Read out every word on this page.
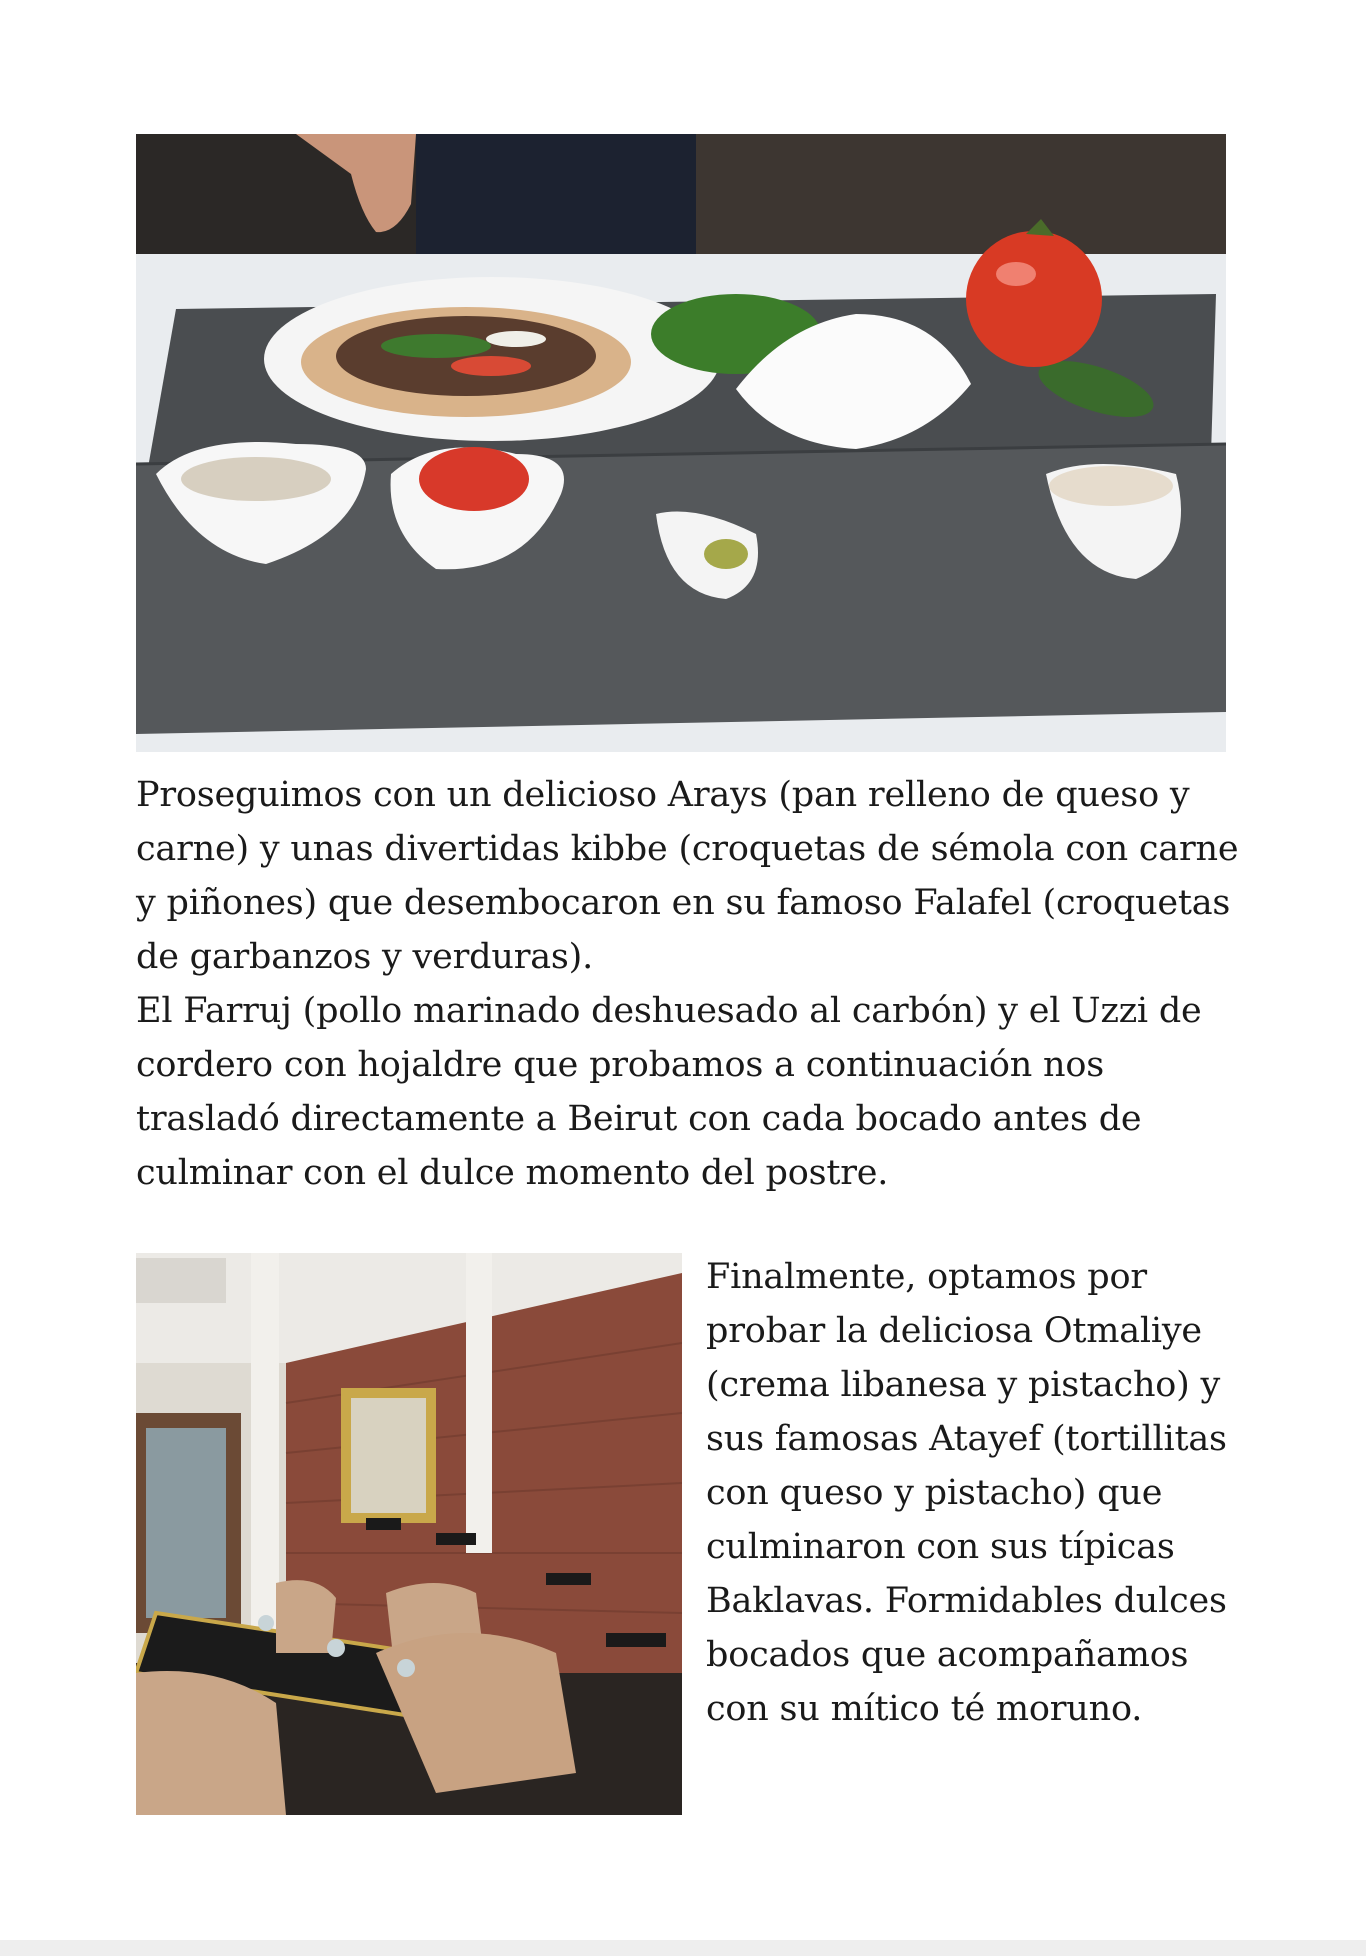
Proseguimos con un delicioso Arays (pan relleno de queso y carne) y unas divertidas kibbe (croquetas de sémola con carne y piñones) que desembocaron en su famoso Falafel (croquetas de garbanzos y verduras).

El Farruj (pollo marinado deshuesado al carbón) y el Uzzi de cordero con hojaldre que probamos a continuación nos trasladó directamente a Beirut con cada bocado antes de culminar con el dulce momento del postre.

Finalmente, optamos por probar la deliciosa Otmaliye (crema libanesa y pistacho) y sus famosas Atayef (tortillitas con queso y pistacho) que culminaron con sus típicas Baklavas. Formidables dulces bocados que acompañamos con su mítico té moruno.
